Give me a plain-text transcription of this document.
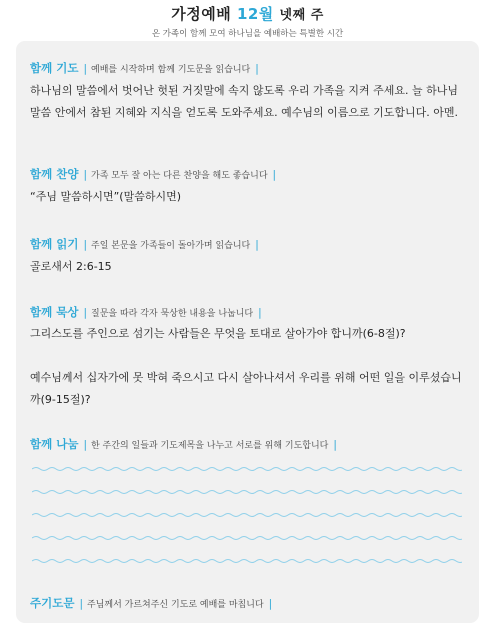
가정예배 12월 넷째 주
온 가족이 함께 모여 하나님을 예배하는 특별한 시간
함께 기도 | 예배를 시작하며 함께 기도문을 읽습니다 |
하나님의 말씀에서 벗어난 헛된 거짓말에 속지 않도록 우리 가족을 지켜 주세요. 늘 하나님 말씀 안에서 참된 지혜와 지식을 얻도록 도와주세요. 예수님의 이름으로 기도합니다. 아멘.
함께 찬양 | 가족 모두 잘 아는 다른 찬양을 해도 좋습니다 |
“주님 말씀하시면”(말씀하시면)
함께 읽기 | 주일 본문을 가족들이 돌아가며 읽습니다 |
골로새서 2:6-15
함께 묵상 | 질문을 따라 각자 묵상한 내용을 나눕니다 |
그리스도를 주인으로 섬기는 사람들은 무엇을 토대로 살아가야 합니까(6-8절)?
예수님께서 십자가에 못 박혀 죽으시고 다시 살아나셔서 우리를 위해 어떤 일을 이루셨습니까(9-15절)?
함께 나눔 | 한 주간의 일들과 기도제목을 나누고 서로를 위해 기도합니다 |
주기도문 | 주님께서 가르쳐주신 기도로 예배를 마칩니다 |
